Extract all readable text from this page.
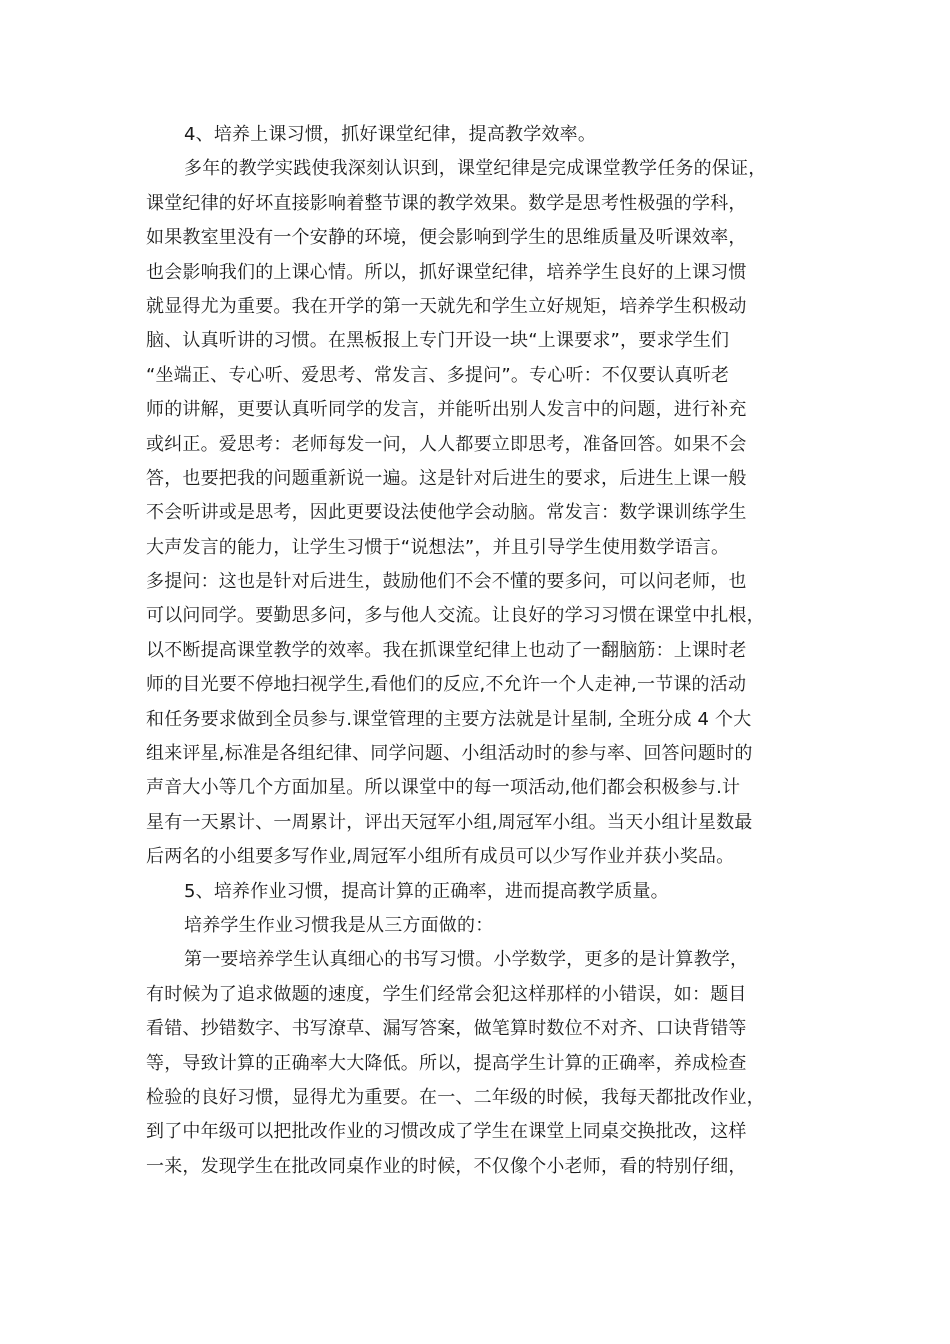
4、培养上课习惯，抓好课堂纪律，提高教学效率。
多年的教学实践使我深刻认识到，课堂纪律是完成课堂教学任务的保证，
课堂纪律的好坏直接影响着整节课的教学效果。数学是思考性极强的学科，
如果教室里没有一个安静的环境，便会影响到学生的思维质量及听课效率，
也会影响我们的上课心情。所以，抓好课堂纪律，培养学生良好的上课习惯
就显得尤为重要。我在开学的第一天就先和学生立好规矩，培养学生积极动
脑、认真听讲的习惯。在黑板报上专门开设一块“上课要求”，要求学生们
“坐端正、专心听、爱思考、常发言、多提问”。专心听：不仅要认真听老
师的讲解，更要认真听同学的发言，并能听出别人发言中的问题，进行补充
或纠正。爱思考：老师每发一问，人人都要立即思考，准备回答。如果不会
答，也要把我的问题重新说一遍。这是针对后进生的要求，后进生上课一般
不会听讲或是思考，因此更要设法使他学会动脑。常发言：数学课训练学生
大声发言的能力，让学生习惯于“说想法”，并且引导学生使用数学语言。
多提问：这也是针对后进生，鼓励他们不会不懂的要多问，可以问老师，也
可以问同学。要勤思多问，多与他人交流。让良好的学习习惯在课堂中扎根，
以不断提高课堂教学的效率。我在抓课堂纪律上也动了一翻脑筋：上课时老
师的目光要不停地扫视学生,看他们的反应,不允许一个人走神,一节课的活动
和任务要求做到全员参与.课堂管理的主要方法就是计星制, 全班分成 4 个大
组来评星,标准是各组纪律、同学问题、小组活动时的参与率、回答问题时的
声音大小等几个方面加星。所以课堂中的每一项活动,他们都会积极参与.计
星有一天累计、一周累计，评出天冠军小组,周冠军小组。当天小组计星数最
后两名的小组要多写作业,周冠军小组所有成员可以少写作业并获小奖品。
5、培养作业习惯，提高计算的正确率，进而提高教学质量。
培养学生作业习惯我是从三方面做的：
第一要培养学生认真细心的书写习惯。小学数学，更多的是计算教学，
有时候为了追求做题的速度，学生们经常会犯这样那样的小错误，如：题目
看错、抄错数字、书写潦草、漏写答案，做笔算时数位不对齐、口诀背错等
等，导致计算的正确率大大降低。所以，提高学生计算的正确率，养成检查
检验的良好习惯，显得尤为重要。在一、二年级的时候，我每天都批改作业，
到了中年级可以把批改作业的习惯改成了学生在课堂上同桌交换批改，这样
一来，发现学生在批改同桌作业的时候，不仅像个小老师，看的特别仔细，
